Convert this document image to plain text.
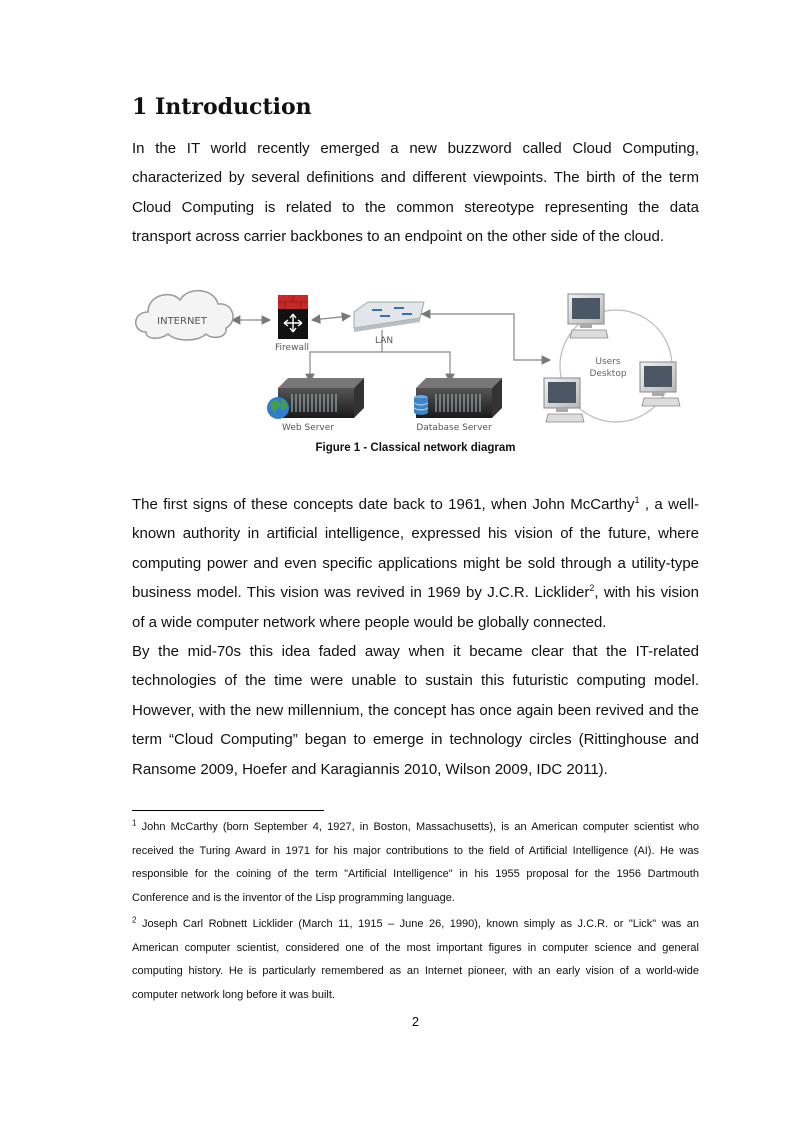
1 Introduction

In the IT world recently emerged a new buzzword called Cloud Computing, characterized by several definitions and different viewpoints. The birth of the term Cloud Computing is related to the common stereotype representing the data transport across carrier backbones to an endpoint on the other side of the cloud.

INTERNET
Firewall
LAN
Users
Desktop
Web Server	Database Server
Figure 1 - Classical network diagram

The first signs of these concepts date back to 1961, when John McCarthy$^1$ , a well-known authority in artificial intelligence, expressed his vision of the future, where computing power and even specific applications might be sold through a utility-type business model. This vision was revived in 1969 by J.C.R. Licklider$^2$, with his vision of a wide computer network where people would be globally connected.

By the mid-70s this idea faded away when it became clear that the IT-related technologies of the time were unable to sustain this futuristic computing model. However, with the new millennium, the concept has once again been revived and the term “Cloud Computing” began to emerge in technology circles (Rittinghouse and Ransome 2009, Hoefer and Karagiannis 2010, Wilson 2009, IDC 2011).

$^1$ John McCarthy (born September 4, 1927, in Boston, Massachusetts), is an American computer scientist who received the Turing Award in 1971 for his major contributions to the field of Artificial Intelligence (AI). He was responsible for the coining of the term "Artificial Intelligence" in his 1955 proposal for the 1956 Dartmouth Conference and is the inventor of the Lisp programming language.

$^2$ Joseph Carl Robnett Licklider (March 11, 1915 – June 26, 1990), known simply as J.C.R. or "Lick" was an American computer scientist, considered one of the most important figures in computer science and general computing history. He is particularly remembered as an Internet pioneer, with an early vision of a world-wide computer network long before it was built.

2
